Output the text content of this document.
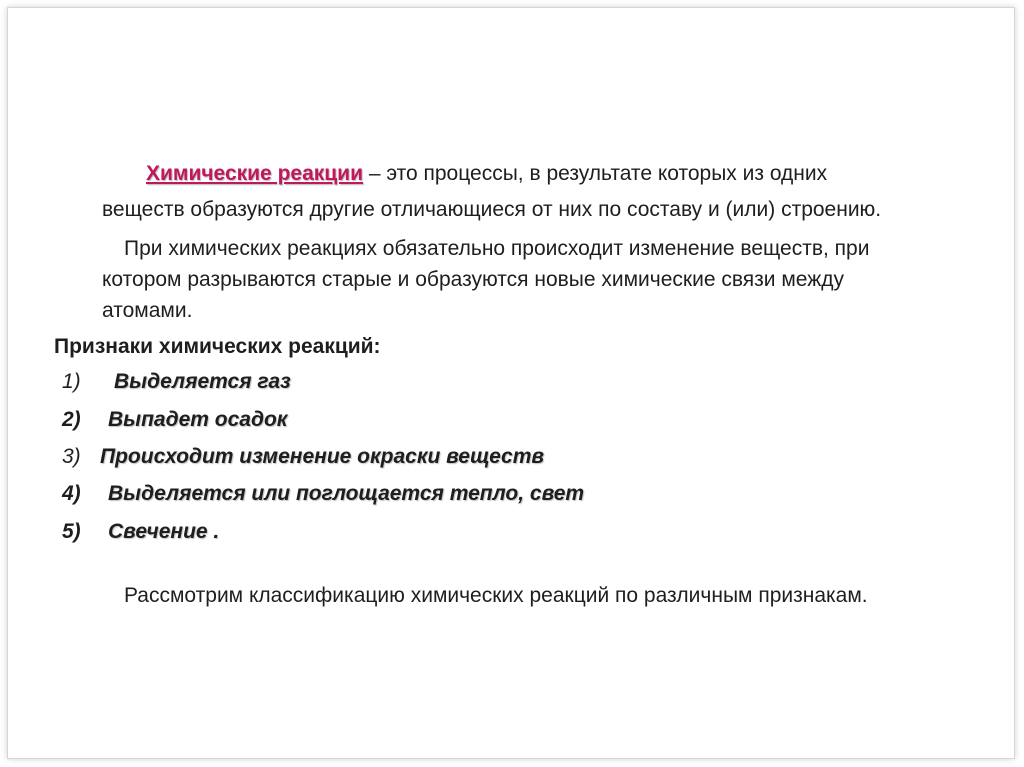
Химические реакции – это процессы, в результате которых из одних
веществ образуются другие отличающиеся от них по составу и (или) строению.
При химических реакциях обязательно происходит изменение веществ, при
котором разрываются старые и образуются новые химические связи между
атомами.
Признаки химических реакций:
1) Выделяется газ
2) Выпадет осадок
3) Происходит изменение окраски веществ
4) Выделяется или поглощается тепло, свет
5) Свечение .
Рассмотрим классификацию химических реакций по различным признакам.
